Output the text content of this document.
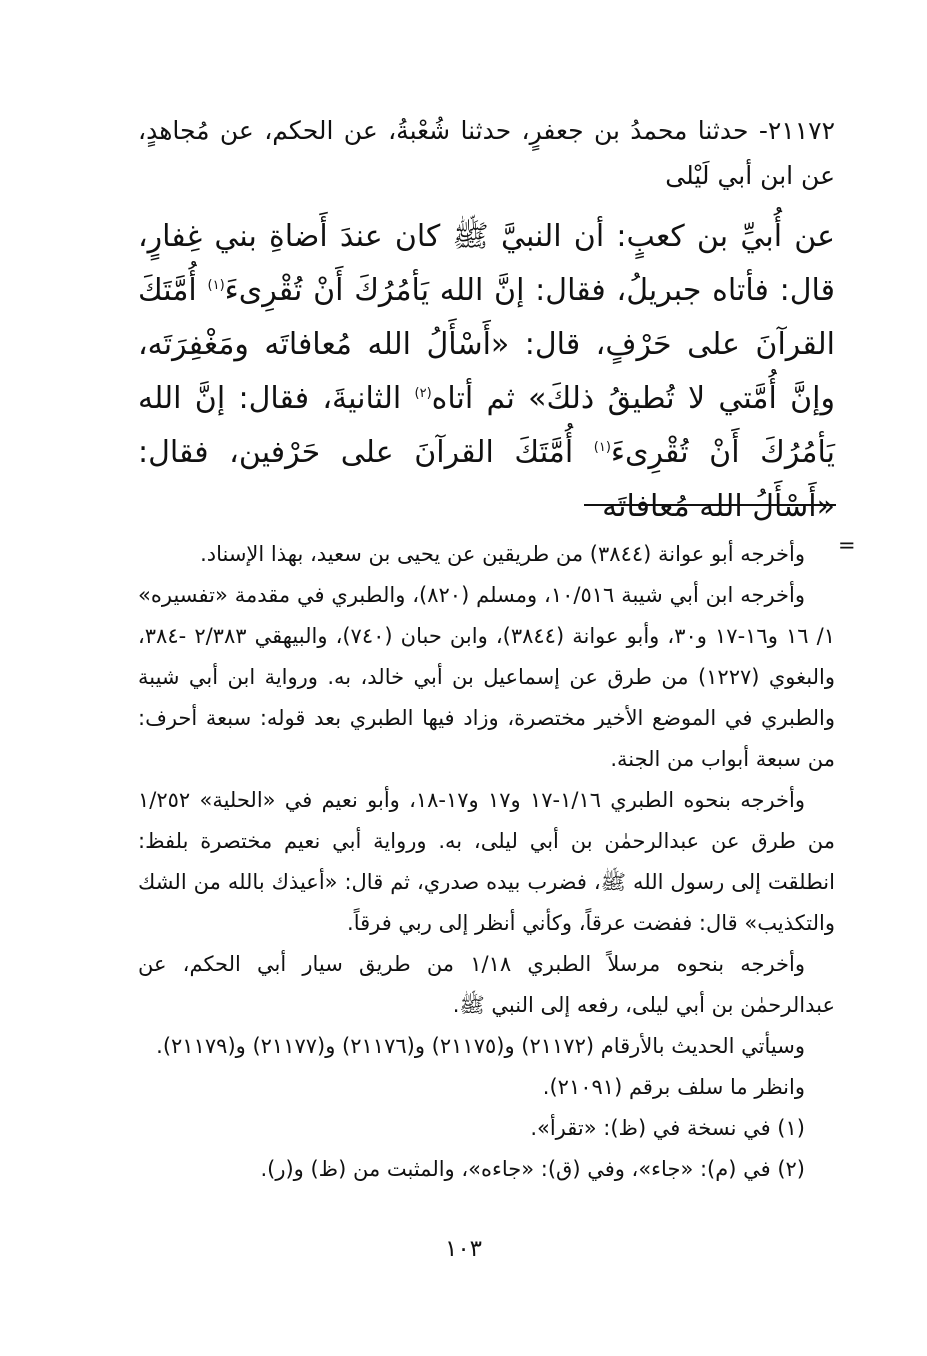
٢١١٧٢- حدثنا محمدُ بن جعفرٍ، حدثنا شُعْبةُ، عن الحكم، عن مُجاهدٍ، عن ابن أبي لَيْلى
عن أُبيِّ بن كعبٍ: أن النبيَّ ﷺ كان عندَ أَضاةِ بني غِفارٍ، قال: فأتاه جبريلُ، فقال: إنَّ الله يَأمُرُكَ أَنْ تُقْرِىءَ$^{(١)}$ أُمَّتَكَ القرآنَ على حَرْفٍ، قال: «أَسْأَلُ الله مُعافاتَه ومَغْفِرَتَه، وإنَّ أُمَّتي لا تُطيقُ ذلكَ» ثم أتاه$^{(٢)}$ الثانيةَ، فقال: إنَّ الله يَأمُرُكَ أَنْ تُقْرِىءَ$^{(١)}$ أُمَّتَكَ القرآنَ على حَرْفين، فقال: «أَسْأَلُ الله مُعافاتَه
=

وأخرجه أبو عوانة (٣٨٤٤) من طريقين عن يحيى بن سعيد، بهذا الإسناد.

وأخرجه ابن أبي شيبة ١٠/٥١٦، ومسلم (٨٢٠)، والطبري في مقدمة «تفسيره» ١/ ١٦ و١٦-١٧ و٣٠، وأبو عوانة (٣٨٤٤)، وابن حبان (٧٤٠)، والبيهقي ٢/٣٨٣ -٣٨٤، والبغوي (١٢٢٧) من طرق عن إسماعيل بن أبي خالد، به. ورواية ابن أبي شيبة والطبري في الموضع الأخير مختصرة، وزاد فيها الطبري بعد قوله: سبعة أحرف: من سبعة أبواب من الجنة.

وأخرجه بنحوه الطبري ١/١٦-١٧ و١٧ و١٧-١٨، وأبو نعيم في «الحلية» ١/٢٥٢ من طرق عن عبدالرحمٰن بن أبي ليلى، به. ورواية أبي نعيم مختصرة بلفظ: انطلقت إلى رسول الله ﷺ، فضرب بيده صدري، ثم قال: «أعيذك بالله من الشك والتكذيب» قال: ففضت عرقاً، وكأني أنظر إلى ربي فرقاً.

وأخرجه بنحوه مرسلاً الطبري ١/١٨ من طريق سيار أبي الحكم، عن عبدالرحمٰن بن أبي ليلى، رفعه إلى النبي ﷺ.

وسيأتي الحديث بالأرقام (٢١١٧٢) و(٢١١٧٥) و(٢١١٧٦) و(٢١١٧٧) و(٢١١٧٩).

وانظر ما سلف برقم (٢١٠٩١).

(١) في نسخة في (ظ): «تقرأ».

(٢) في (م): «جاء»، وفي (ق): «جاءه»، والمثبت من (ظ) و(ر).

١٠٣
